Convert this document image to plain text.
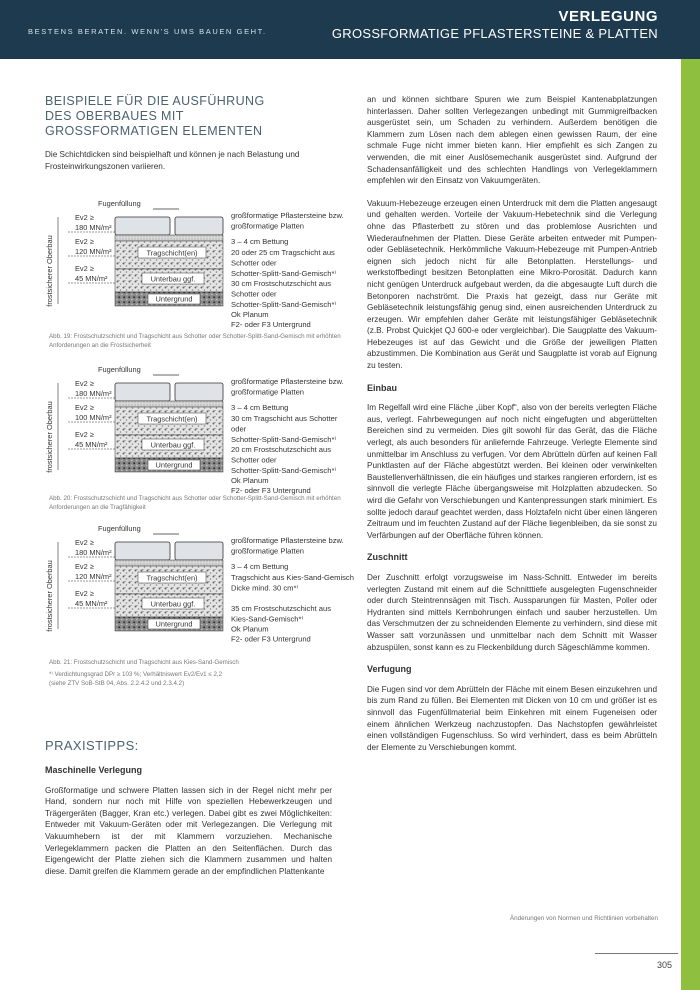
BESTENS BERATEN. WENN'S UMS BAUEN GEHT.
VERLEGUNG
GROSSFORMATIGE PFLASTERSTEINE & PLATTEN
BEISPIELE FÜR DIE AUSFÜHRUNG DES OBERBAUES MIT GROSSFORMATIGEN ELEMENTEN

Die Schichtdicken sind beispielhaft und können je nach Belastung und Frosteinwirkungszonen variieren.

Fugenfüllung
Tragschicht(en)
Unterbau ggf.
Untergrund
frostsicherer Oberbau
Ev2 ≥
180 MN/m²
Ev2 ≥
120 MN/m²
Ev2 ≥
45 MN/m²
großformatige Pflastersteine bzw.
großformatige Platten
3 – 4 cm Bettung
20 oder 25 cm Tragschicht aus
Schotter oder
Schotter-Splitt-Sand-Gemisch*⁾
30 cm Frostschutzschicht aus
Schotter oder
Schotter-Splitt-Sand-Gemisch*⁾
Ok Planum
F2- oder F3 Untergrund
Fugenfüllung
Tragschicht(en)
Unterbau ggf.
Untergrund
frostsicherer Oberbau
Ev2 ≥
180 MN/m²
Ev2 ≥
100 MN/m²
Ev2 ≥
45 MN/m²
großformatige Pflastersteine bzw.
großformatige Platten
3 – 4 cm Bettung
30 cm Tragschicht aus Schotter
oder
Schotter-Splitt-Sand-Gemisch*⁾
20 cm Frostschutzschicht aus
Schotter oder
Schotter-Splitt-Sand-Gemisch*⁾
Ok Planum
F2- oder F3 Untergrund
Fugenfüllung
Tragschicht(en)
Unterbau ggf.
Untergrund
frostsicherer Oberbau
Ev2 ≥
180 MN/m²
Ev2 ≥
120 MN/m²
Ev2 ≥
45 MN/m²
großformatige Pflastersteine bzw.
großformatige Platten
3 – 4 cm Bettung
Tragschicht aus Kies-Sand-Gemisch
Dicke mind. 30 cm*⁾
35 cm Frostschutzschicht aus
Kies-Sand-Gemisch*⁾
Ok Planum
F2- oder F3 Untergrund
Abb. 19: Frostschutzschicht und Tragschicht aus Schotter oder Schotter-Splitt-Sand-Gemisch mit erhöhten Anforderungen an die Frostsicherheit
Abb. 20: Frostschutzschicht und Tragschicht aus Schotter oder Schotter-Splitt-Sand-Gemisch mit erhöhten Anforderungen an die Tragfähigkeit
Abb. 21: Frostschutzschicht und Tragschicht aus Kies-Sand-Gemisch
*⁾ Verdichtungsgrad DPr ≥ 103 %; Verhältniswert Ev2/Ev1 ≤ 2,2
(siehe ZTV SoB-StB 04, Abs. 2.2.4.2 und 2.3.4.2)
PRAXISTIPPS:
Maschinelle Verlegung

Großformatige und schwere Platten lassen sich in der Regel nicht mehr per Hand, sondern nur noch mit Hilfe von speziellen Hebewerkzeugen und Trägergeräten (Bagger, Kran etc.) verlegen. Dabei gibt es zwei Möglichkeiten: Entweder mit Vakuum-Geräten oder mit Verlegezangen. Die Verlegung mit Vakuumhebern ist der mit Klammern vorzuziehen. Mechanische Verlegeklammern packen die Platten an den Seitenflächen. Durch das Eigengewicht der Platte ziehen sich die Klammern zusammen und halten diese. Damit greifen die Klammern gerade an der empfindlichen Plattenkante

an und können sichtbare Spuren wie zum Beispiel Kantenabplatzungen hinterlassen. Daher sollten Verlegezangen unbedingt mit Gummigreifbacken ausgerüstet sein, um Schaden zu verhindern. Außerdem benötigen die Klammern zum Lösen nach dem ablegen einen gewissen Raum, der eine schmale Fuge nicht immer bieten kann. Hier empfiehlt es sich Zangen zu verwenden, die mit einer Auslösemechanik ausgerüstet sind. Aufgrund der Schadensanfälligkeit und des schlechten Handlings von Verlegeklammern empfehlen wir den Einsatz von Vakuumgeräten.

Vakuum-Hebezeuge erzeugen einen Unterdruck mit dem die Platten angesaugt und gehalten werden. Vorteile der Vakuum-Hebetechnik sind die Verlegung ohne das Pflasterbett zu stören und das problemlose Ausrichten und Wiederaufnehmen der Platten. Diese Geräte arbeiten entweder mit Pumpen- oder Gebläsetechnik. Herkömmliche Vakuum-Hebezeuge mit Pumpen-Antrieb eignen sich jedoch nicht für alle Betonplatten. Herstellungs- und werkstoffbedingt besitzen Betonplatten eine Mikro-Porosität. Dadurch kann nicht genügen Unterdruck aufgebaut werden, da die abgesaugte Luft durch die Betonporen nachströmt. Die Praxis hat gezeigt, dass nur Geräte mit Gebläsetechnik leistungsfähig genug sind, einen ausreichenden Unterdruck zu erzeugen. Wir empfehlen daher Geräte mit leistungsfähiger Gebläsetechnik (z.B. Probst Quickjet QJ 600-e oder vergleichbar). Die Saugplatte des Vakuum-Hebezeuges ist auf das Gewicht und die Größe der jeweiligen Platten abzustimmen. Die Kombination aus Gerät und Saugplatte ist vorab auf Eignung zu testen.

Einbau

Im Regelfall wird eine Fläche „über Kopf“, also von der bereits verlegten Fläche aus, verlegt. Fahrbewegungen auf noch nicht eingefugten und abgerüttelten Bereichen sind zu vermeiden. Dies gilt sowohl für das Gerät, das die Fläche verlegt, als auch besonders für anliefernde Fahrzeuge. Verlegte Elemente sind unmittelbar im Anschluss zu verfugen. Vor dem Abrütteln dürfen auf keinen Fall Punktlasten auf der Fläche abgestützt werden. Bei kleinen oder verwinkelten Baustellenverhältnissen, die ein häufiges und starkes rangieren erfordern, ist es sinnvoll die verlegte Fläche übergangsweise mit Holzplatten abzudecken. So wird die Gefahr von Verschiebungen und Kantenpressungen stark minimiert. Es sollte jedoch darauf geachtet werden, dass Holztafeln nicht über einen längeren Zeitraum und im feuchten Zustand auf der Fläche liegenbleiben, da sie sonst zu Verfärbungen auf der Oberfläche führen können.

Zuschnitt

Der Zuschnitt erfolgt vorzugsweise im Nass-Schnitt. Entweder im bereits verlegten Zustand mit einem auf die Schnitttiefe ausgelegten Fugenschneider oder durch Steintrennsägen mit Tisch. Aussparungen für Masten, Poller oder Hydranten sind mittels Kernbohrungen einfach und sauber herzustellen. Um das Verschmutzen der zu schneidenden Elemente zu verhindern, sind diese mit Wasser satt vorzunässen und unmittelbar nach dem Schnitt mit Wasser abzuspülen, sonst kann es zu Fleckenbildung durch Sägeschlämme kommen.

Verfugung

Die Fugen sind vor dem Abrütteln der Fläche mit einem Besen einzukehren und bis zum Rand zu füllen. Bei Elementen mit Dicken von 10 cm und größer ist es sinnvoll das Fugenfüllmaterial beim Einkehren mit einem Fugeneisen oder einem ähnlichen Werkzeug nachzustopfen. Das Nachstopfen gewährleistet einen vollständigen Fugenschluss. So wird verhindert, dass es beim Abrütteln der Elemente zu Verschiebungen kommt.

Änderungen von Normen und Richtlinien vorbehalten
305
